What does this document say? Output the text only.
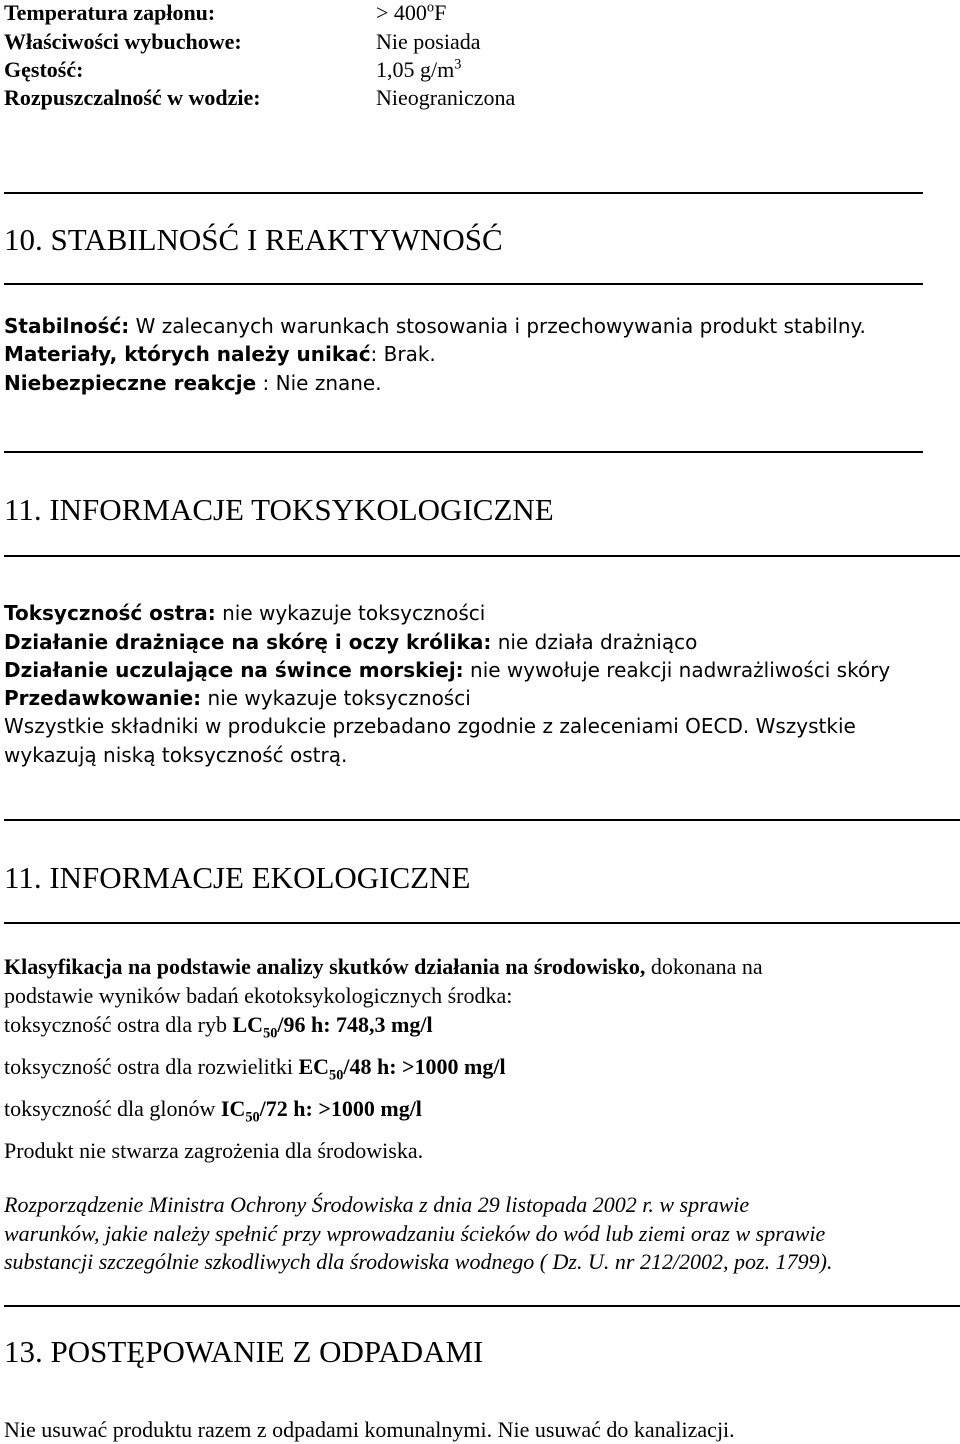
Temperatura zapłonu:	> $400^oF$
Właściwości wybuchowe:	Nie posiada
Gęstość:	1,05 $g/m^3$
Rozpuszczalność w wodzie:	Nieograniczona
10. STABILNOŚĆ I REAKTYWNOŚĆ
Stabilność: W zalecanych warunkach stosowania i przechowywania produkt stabilny.
Materiały, których należy unikać: Brak.
Niebezpieczne reakcje : Nie znane.
11. INFORMACJE TOKSYKOLOGICZNE
Toksyczność ostra: nie wykazuje toksyczności
Działanie drażniące na skórę i oczy królika: nie działa drażniąco
Działanie uczulające na śwince morskiej: nie wywołuje reakcji nadwrażliwości skóry
Przedawkowanie: nie wykazuje toksyczności
Wszystkie składniki w produkcie przebadano zgodnie z zaleceniami OECD. Wszystkie
wykazują niską toksyczność ostrą.
11. INFORMACJE EKOLOGICZNE
Klasyfikacja na podstawie analizy skutków działania na środowisko, dokonana na
podstawie wyników badań ekotoksykologicznych środka:
toksyczność ostra dla ryb $LC_{50}/96$ h: 748,3 mg/l
toksyczność ostra dla rozwielitki $EC_{50}/48$ h: >1000 mg/l
toksyczność dla glonów $IC_{50}/72$ h: >1000 mg/l
Produkt nie stwarza zagrożenia dla środowiska.
Rozporządzenie Ministra Ochrony Środowiska z dnia 29 listopada 2002 r. w sprawie
warunków, jakie należy spełnić przy wprowadzaniu ścieków do wód lub ziemi oraz w sprawie
substancji szczególnie szkodliwych dla środowiska wodnego ( Dz. U. nr 212/2002, poz. 1799).
13. POSTĘPOWANIE Z ODPADAMI
Nie usuwać produktu razem z odpadami komunalnymi. Nie usuwać do kanalizacji.
